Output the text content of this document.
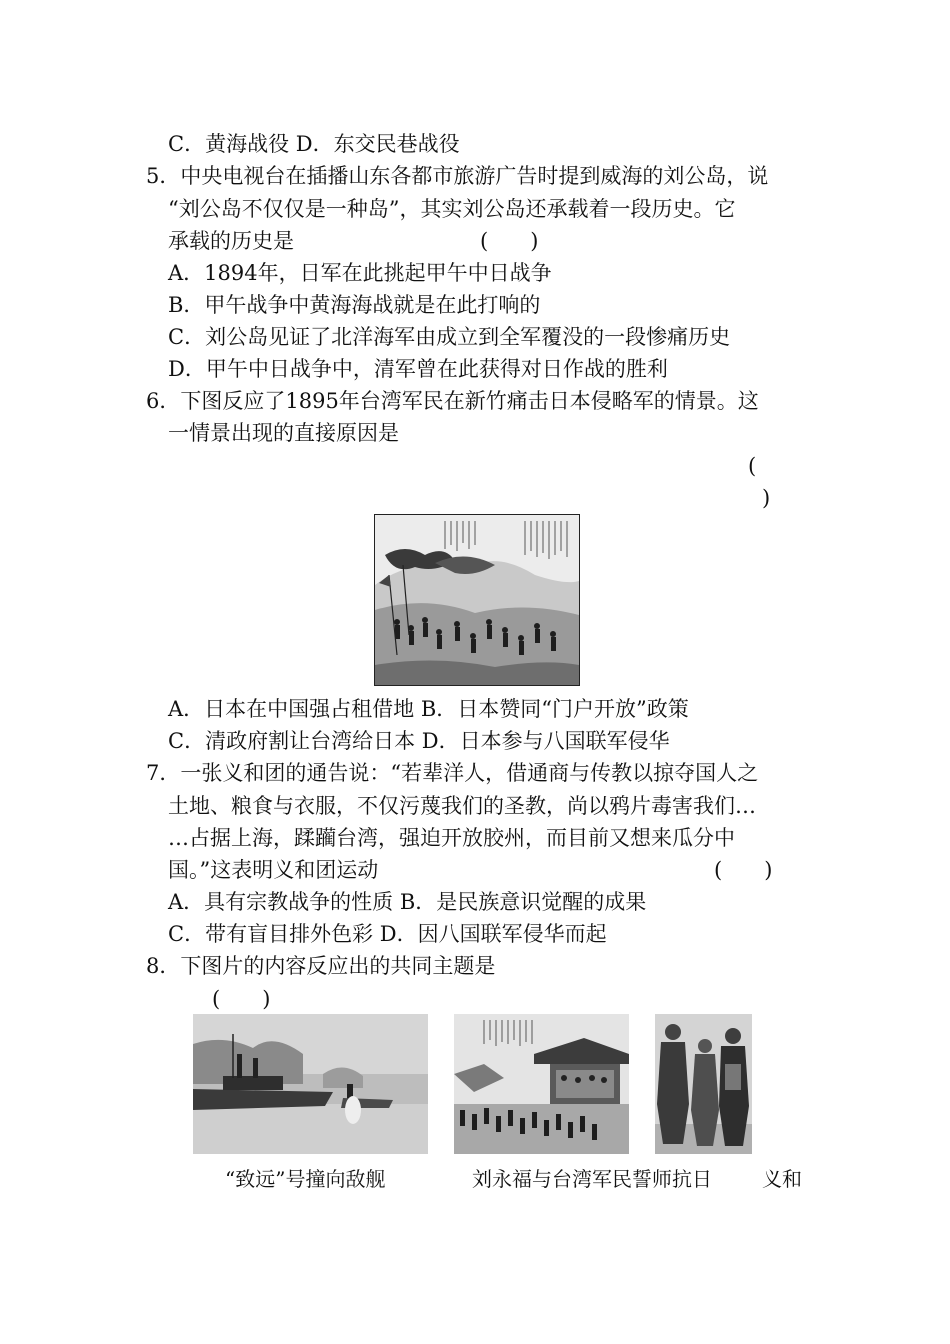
C．黄海战役 D．东交民巷战役
5．中央电视台在插播山东各都市旅游广告时提到威海的刘公岛，说
“刘公岛不仅仅是一种岛”，其实刘公岛还承载着一段历史。它
承载的历史是	(　　)
A．1894年，日军在此挑起甲午中日战争
B．甲午战争中黄海海战就是在此打响的
C．刘公岛见证了北洋海军由成立到全军覆没的一段惨痛历史
D．甲午中日战争中，清军曾在此获得对日作战的胜利
6．下图反应了1895年台湾军民在新竹痛击日本侵略军的情景。这
一情景出现的直接原因是
(
)
A．日本在中国强占租借地 B．日本赞同“门户开放”政策
C．清政府割让台湾给日本 D．日本参与八国联军侵华
7．一张义和团的通告说：“若辈洋人，借通商与传教以掠夺国人之
土地、粮食与衣服，不仅污蔑我们的圣教，尚以鸦片毒害我们…
…占据上海，蹂躏台湾，强迫开放胶州，而目前又想来瓜分中
国。”这表明义和团运动	(　　)
A．具有宗教战争的性质 B．是民族意识觉醒的成果
C．带有盲目排外色彩 D．因八国联军侵华而起
8．下图片的内容反应出的共同主题是
(　　)
“致远”号撞向敌舰	刘永福与台湾军民誓师抗日	义和
